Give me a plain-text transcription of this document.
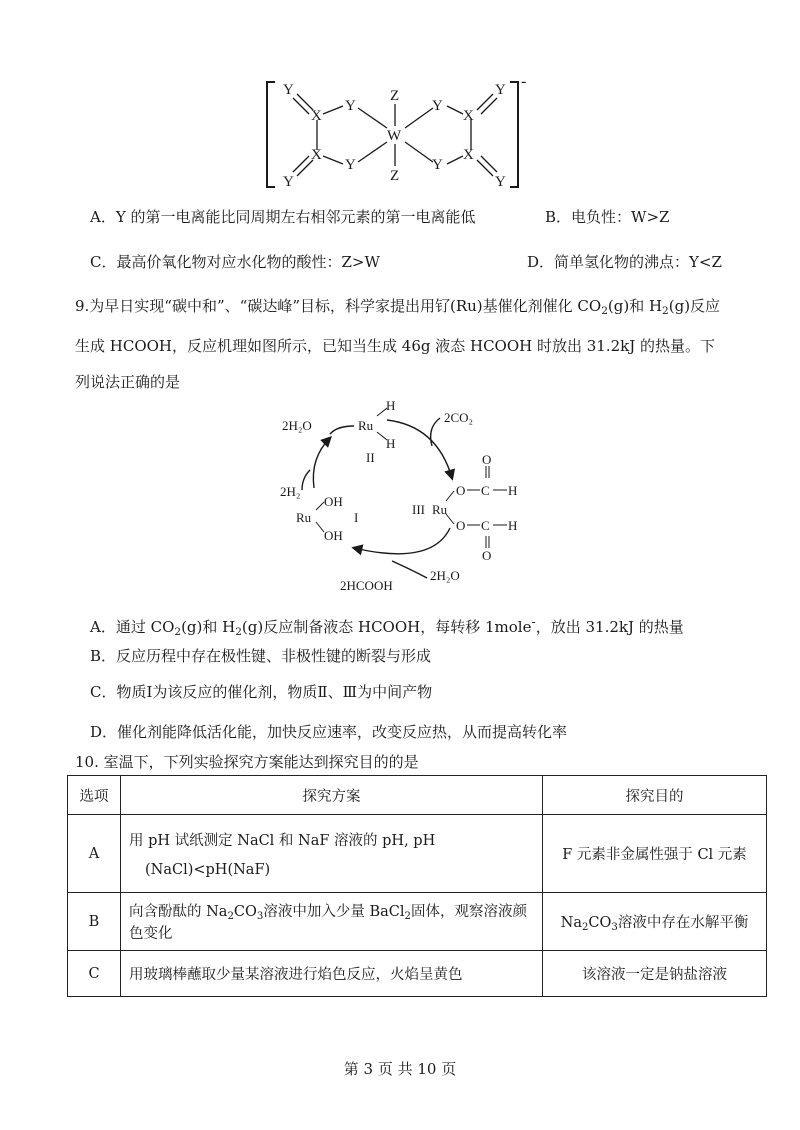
Y
X
Y
X
Y
Y
Z
W
Z
Y
Y
X
X
Y
Y
-
A．Y 的第一电离能比同周期左右相邻元素的第一电离能低	B．电负性：W>Z
C．最高价氧化物对应水化物的酸性：Z>W	D．简单氢化物的沸点：Y<Z
9.为早日实现“碳中和”、“碳达峰”目标，科学家提出用钌(Ru)基催化剂催化 $CO_2(g)$和 $H_2(g)$反应
生成 HCOOH，反应机理如图所示，已知当生成 46g 液态 HCOOH 时放出 31.2kJ 的热量。下
列说法正确的是
Ru
H
H
II
2H₂O
2CO₂
III Ru
O C H
O
O C H
O
2H₂
OH
Ru	I
OH
2HCOOH
2H₂O
A．通过 $CO_2(g)$和 $H_2(g)$反应制备液态 HCOOH，每转移 1mole-，放出 31.2kJ 的热量
B．反应历程中存在极性键、非极性键的断裂与形成
C．物质Ⅰ为该反应的催化剂，物质Ⅱ、Ⅲ为中间产物
D．催化剂能降低活化能，加快反应速率，改变反应热，从而提高转化率
10. 室温下，下列实验探究方案能达到探究目的的是
选项	探究方案	探究目的
A	用 pH 试纸测定 NaCl 和 NaF 溶液的 pH, pH
(NaCl)<pH(NaF)	F 元素非金属性强于 Cl 元素
B	向含酚酞的 $Na_2CO_3$溶液中加入少量 BaCl$_2$固体，观察溶液颜色变化	$Na_2CO_3$溶液中存在水解平衡
C	用玻璃棒蘸取少量某溶液进行焰色反应，火焰呈黄色	该溶液一定是钠盐溶液
第 3 页 共 10 页
